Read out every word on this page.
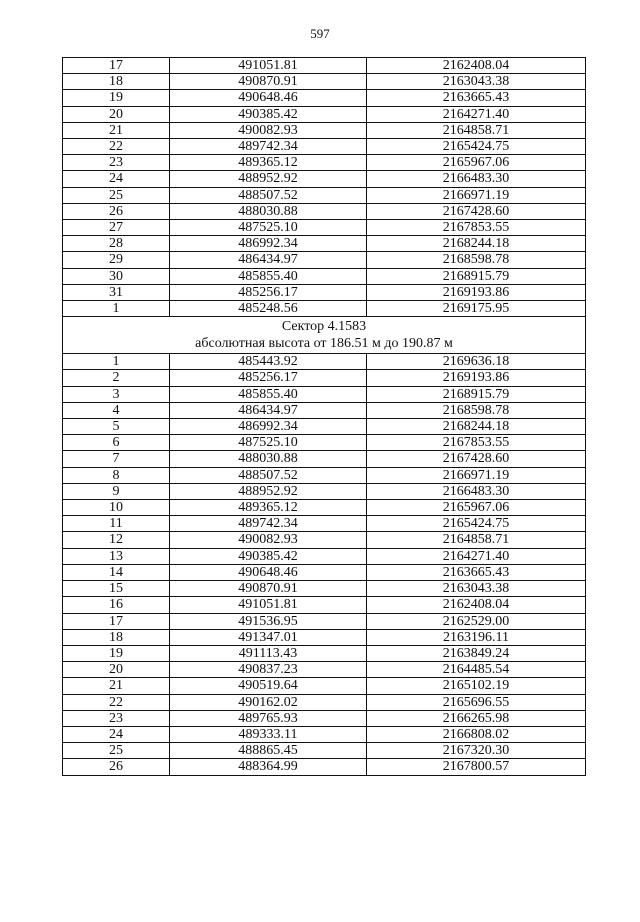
597
17	491051.81	2162408.04
18	490870.91	2163043.38
19	490648.46	2163665.43
20	490385.42	2164271.40
21	490082.93	2164858.71
22	489742.34	2165424.75
23	489365.12	2165967.06
24	488952.92	2166483.30
25	488507.52	2166971.19
26	488030.88	2167428.60
27	487525.10	2167853.55
28	486992.34	2168244.18
29	486434.97	2168598.78
30	485855.40	2168915.79
31	485256.17	2169193.86
1	485248.56	2169175.95

Сектор 4.1583
абсолютная высота от 186.51 м до 190.87 м		

1	485443.92	2169636.18
2	485256.17	2169193.86
3	485855.40	2168915.79
4	486434.97	2168598.78
5	486992.34	2168244.18
6	487525.10	2167853.55
7	488030.88	2167428.60
8	488507.52	2166971.19
9	488952.92	2166483.30
10	489365.12	2165967.06
11	489742.34	2165424.75
12	490082.93	2164858.71
13	490385.42	2164271.40
14	490648.46	2163665.43
15	490870.91	2163043.38
16	491051.81	2162408.04
17	491536.95	2162529.00
18	491347.01	2163196.11
19	491113.43	2163849.24
20	490837.23	2164485.54
21	490519.64	2165102.19
22	490162.02	2165696.55
23	489765.93	2166265.98
24	489333.11	2166808.02
25	488865.45	2167320.30
26	488364.99	2167800.57
